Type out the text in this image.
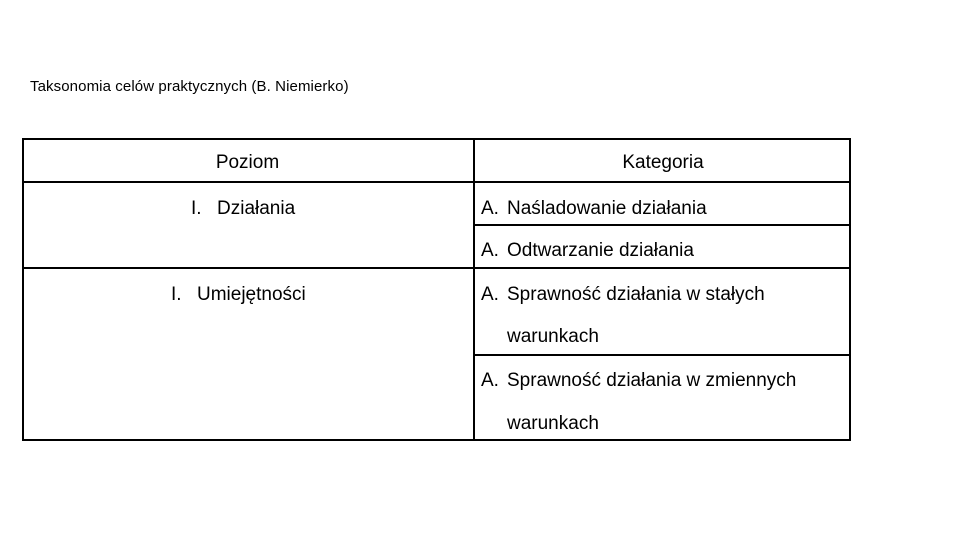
Taksonomia celów praktycznych (B. Niemierko)
Poziom	Kategoria
I. Działania	A. Naśladowanie działania
A. Odtwarzanie działania
I. Umiejętności	A. Sprawność działania w stałych
warunkach
A. Sprawność działania w zmiennych
warunkach
